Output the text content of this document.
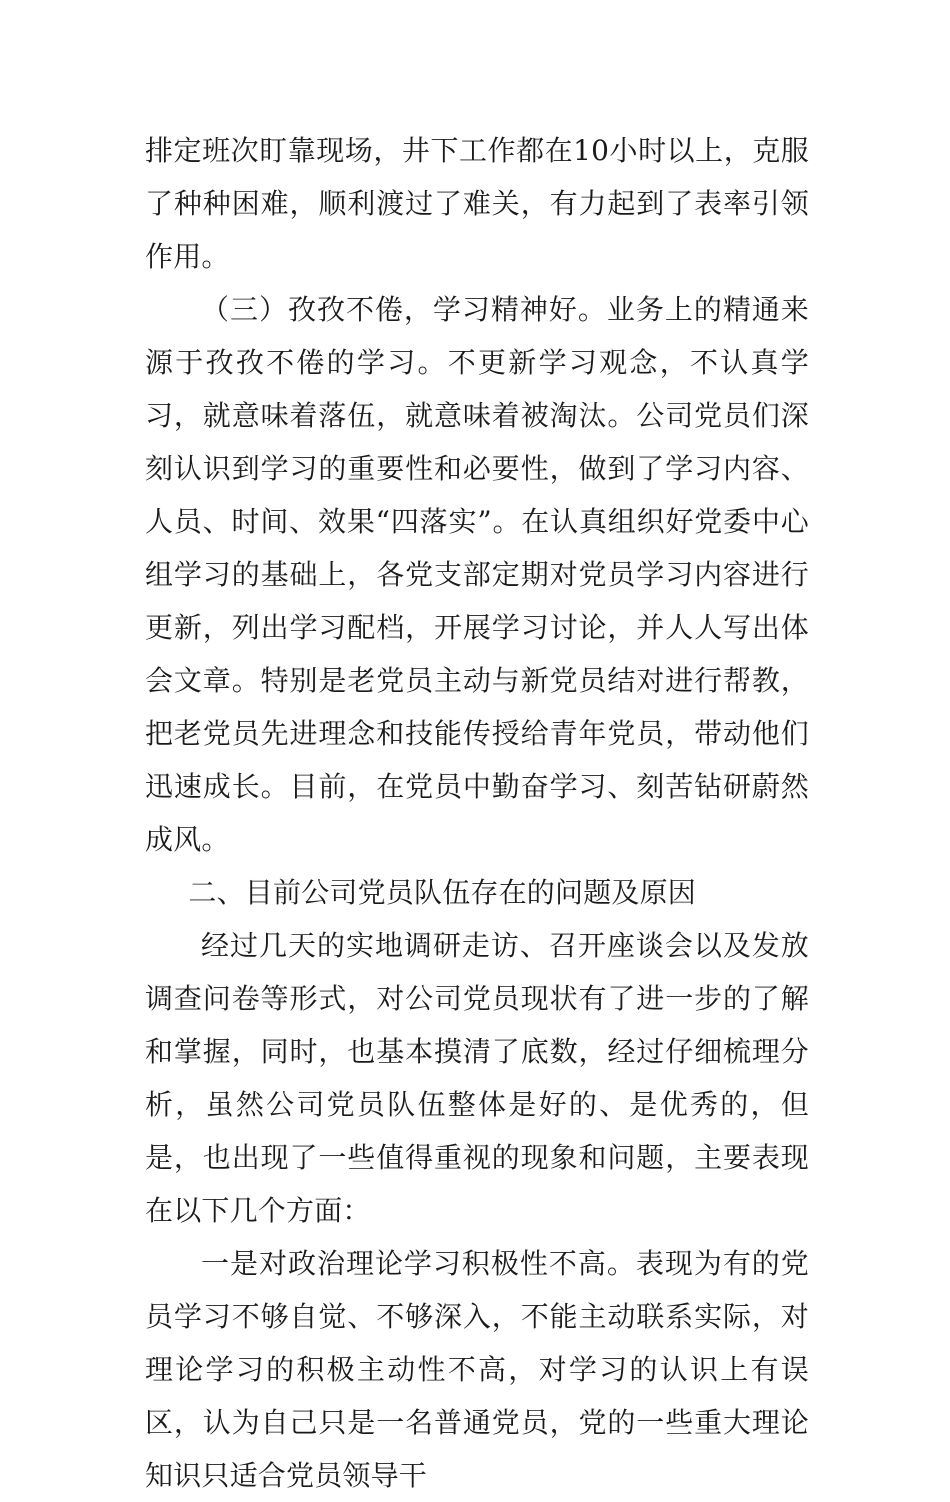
排定班次盯靠现场，井下工作都在10小时以上，克服了种种困难，顺利渡过了难关，有力起到了表率引领作用。

（三）孜孜不倦，学习精神好。业务上的精通来源于孜孜不倦的学习。不更新学习观念，不认真学习，就意味着落伍，就意味着被淘汰。公司党员们深刻认识到学习的重要性和必要性，做到了学习内容、人员、时间、效果“四落实”。在认真组织好党委中心组学习的基础上，各党支部定期对党员学习内容进行更新，列出学习配档，开展学习讨论，并人人写出体会文章。特别是老党员主动与新党员结对进行帮教，把老党员先进理念和技能传授给青年党员，带动他们迅速成长。目前，在党员中勤奋学习、刻苦钻研蔚然成风。

二、目前公司党员队伍存在的问题及原因

经过几天的实地调研走访、召开座谈会以及发放调查问卷等形式，对公司党员现状有了进一步的了解和掌握，同时，也基本摸清了底数，经过仔细梳理分析，虽然公司党员队伍整体是好的、是优秀的，但是，也出现了一些值得重视的现象和问题，主要表现在以下几个方面：

一是对政治理论学习积极性不高。表现为有的党员学习不够自觉、不够深入，不能主动联系实际，对理论学习的积极主动性不高，对学习的认识上有误区，认为自己只是一名普通党员，党的一些重大理论知识只适合党员领导干
